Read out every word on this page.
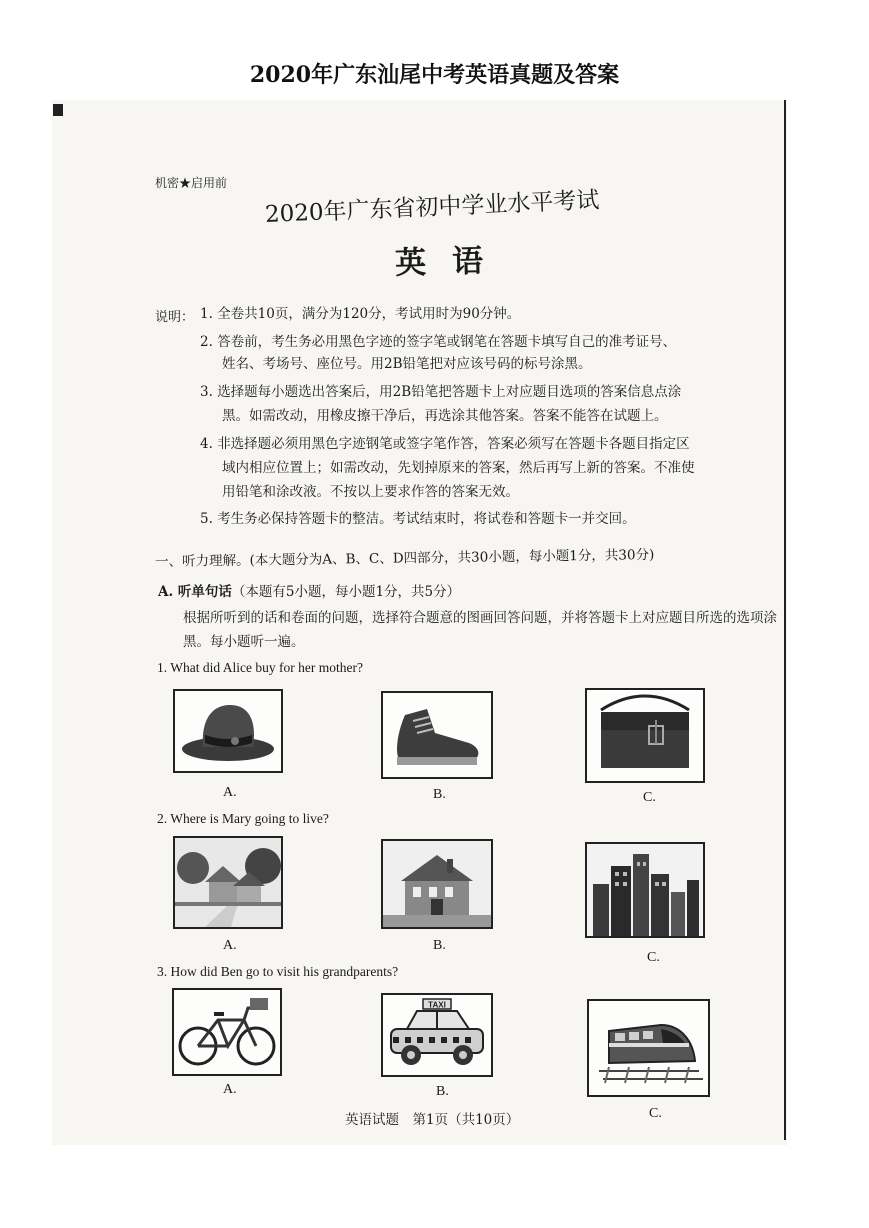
2020年广东汕尾中考英语真题及答案
机密★启用前
2020年广东省初中学业水平考试
英语
说明： 1. 全卷共10页，满分为120分，考试用时为90分钟。
2. 答卷前，考生务必用黑色字迹的签字笔或钢笔在答题卡填写自己的准考证号、
姓名、考场号、座位号。用2B铅笔把对应该号码的标号涂黑。
3. 选择题每小题选出答案后，用2B铅笔把答题卡上对应题目选项的答案信息点涂
黑。如需改动，用橡皮擦干净后，再选涂其他答案。答案不能答在试题上。
4. 非选择题必须用黑色字迹钢笔或签字笔作答，答案必须写在答题卡各题目指定区
域内相应位置上；如需改动，先划掉原来的答案，然后再写上新的答案。不准使
用铅笔和涂改液。不按以上要求作答的答案无效。
5. 考生务必保持答题卡的整洁。考试结束时，将试卷和答题卡一并交回。
一、听力理解。(本大题分为A、B、C、D四部分，共30小题，每小题1分，共30分)
A. 听单句话（本题有5小题，每小题1分，共5分）
根据所听到的话和卷面的问题，选择符合题意的图画回答问题，并将答题卡上对应题目所选的选项涂黑。每小题听一遍。
1. What did Alice buy for her mother?
A.	B.	C.
2. Where is Mary going to live?
A.	B.
C.
3. How did Ben go to visit his grandparents?
A.
TAXI
B.
C.
英语试题　第1页（共10页）
